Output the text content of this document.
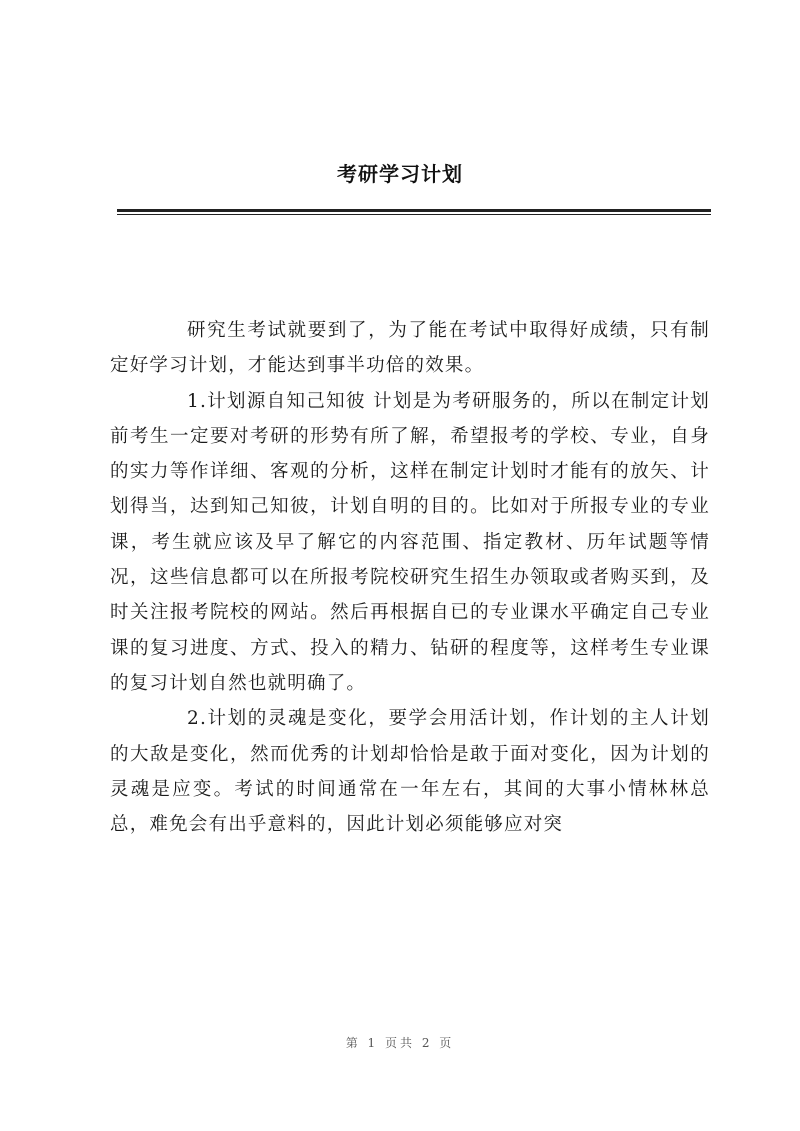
考研学习计划

研究生考试就要到了，为了能在考试中取得好成绩，只有制定好学习计划，才能达到事半功倍的效果。

1.计划源自知己知彼 计划是为考研服务的，所以在制定计划前考生一定要对考研的形势有所了解，希望报考的学校、专业，自身的实力等作详细、客观的分析，这样在制定计划时才能有的放矢、计划得当，达到知己知彼，计划自明的目的。比如对于所报专业的专业课，考生就应该及早了解它的内容范围、指定教材、历年试题等情况，这些信息都可以在所报考院校研究生招生办领取或者购买到，及时关注报考院校的网站。然后再根据自已的专业课水平确定自己专业课的复习进度、方式、投入的精力、钻研的程度等，这样考生专业课的复习计划自然也就明确了。

2.计划的灵魂是变化，要学会用活计划，作计划的主人计划的大敌是变化，然而优秀的计划却恰恰是敢于面对变化，因为计划的灵魂是应变。考试的时间通常在一年左右，其间的大事小情林林总总，难免会有出乎意料的，因此计划必须能够应对突

第 1 页共 2 页
